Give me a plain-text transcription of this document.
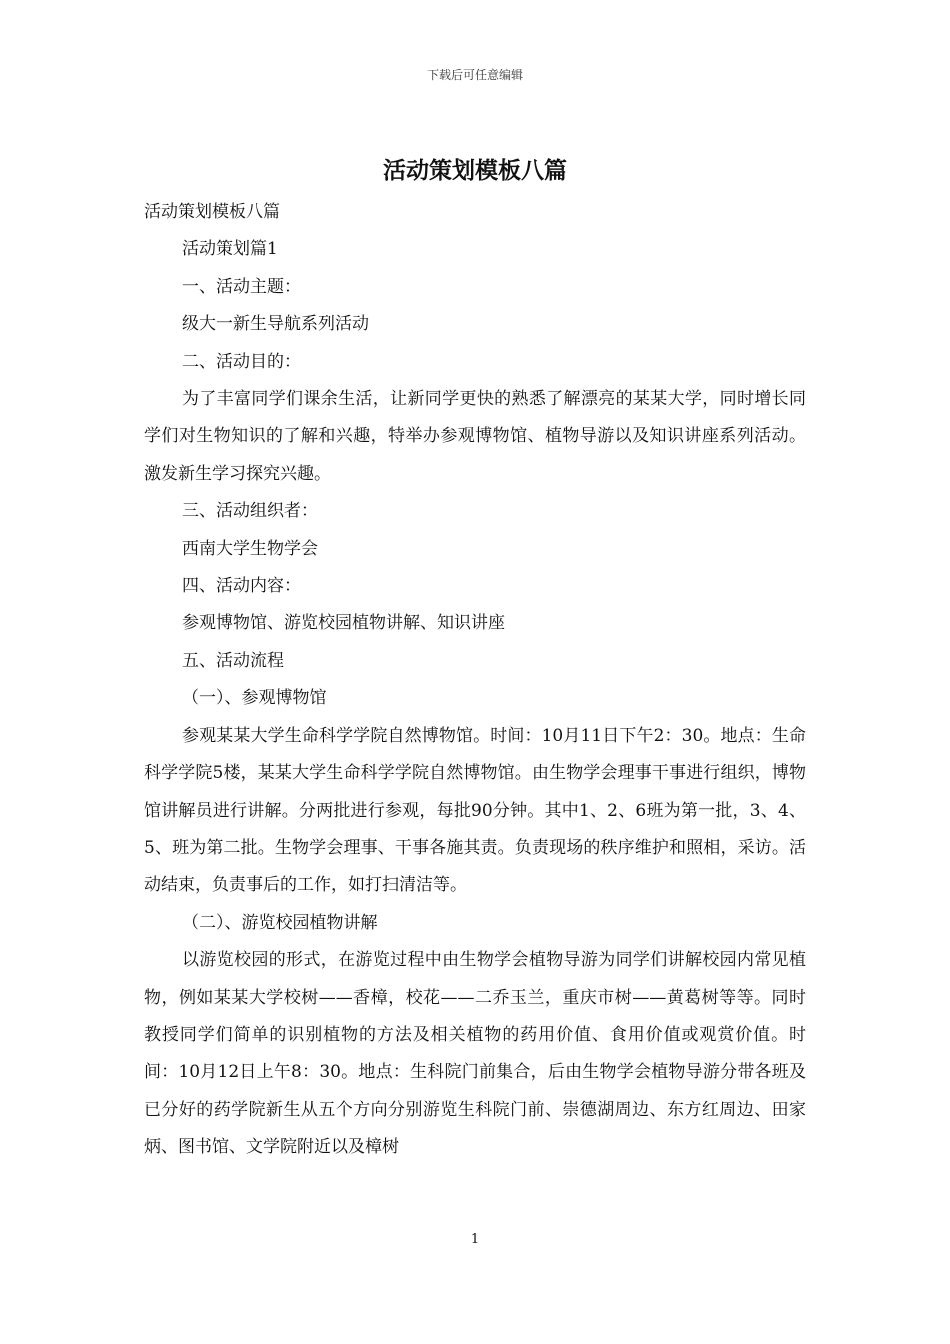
下载后可任意编辑
活动策划模板八篇

活动策划模板八篇

活动策划篇1

一、活动主题：

级大一新生导航系列活动

二、活动目的：

为了丰富同学们课余生活，让新同学更快的熟悉了解漂亮的某某大学，同时增长同学们对生物知识的了解和兴趣，特举办参观博物馆、植物导游以及知识讲座系列活动。激发新生学习探究兴趣。

三、活动组织者：

西南大学生物学会

四、活动内容：

参观博物馆、游览校园植物讲解、知识讲座

五、活动流程

（一）、参观博物馆

参观某某大学生命科学学院自然博物馆。时间：10月11日下午2：30。地点：生命科学学院5楼，某某大学生命科学学院自然博物馆。由生物学会理事干事进行组织，博物馆讲解员进行讲解。分两批进行参观，每批90分钟。其中1、2、6班为第一批，3、4、5、班为第二批。生物学会理事、干事各施其责。负责现场的秩序维护和照相，采访。活动结束，负责事后的工作，如打扫清洁等。

（二）、游览校园植物讲解

以游览校园的形式，在游览过程中由生物学会植物导游为同学们讲解校园内常见植物，例如某某大学校树——香樟，校花——二乔玉兰，重庆市树——黄葛树等等。同时教授同学们简单的识别植物的方法及相关植物的药用价值、食用价值或观赏价值。时间：10月12日上午8：30。地点：生科院门前集合，后由生物学会植物导游分带各班及已分好的药学院新生从五个方向分别游览生科院门前、崇德湖周边、东方红周边、田家炳、图书馆、文学院附近以及樟树

1
